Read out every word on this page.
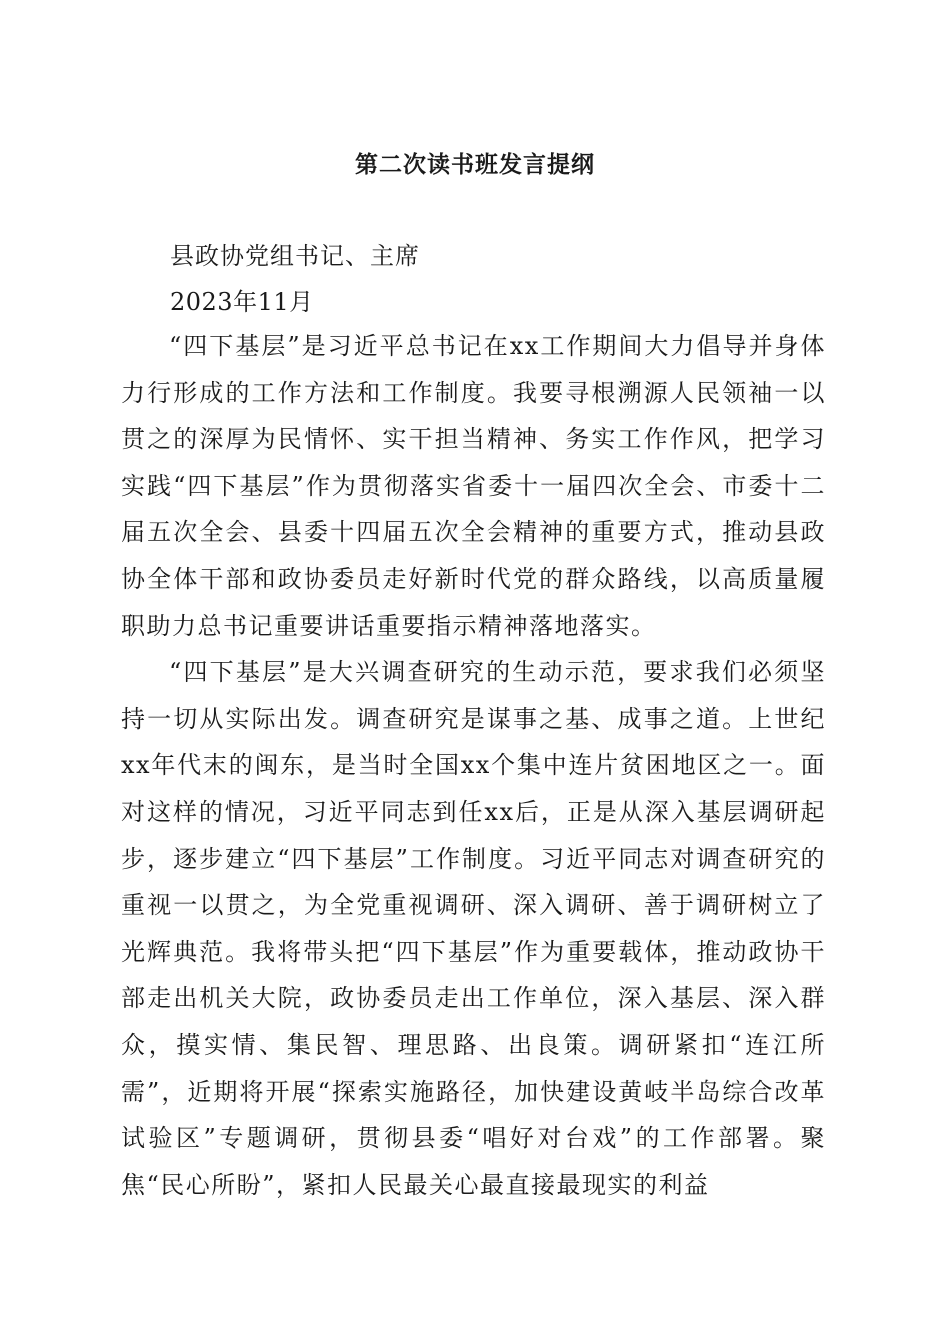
第二次读书班发言提纲
县政协党组书记、主席
2023年11月

“四下基层”是习近平总书记在xx工作期间大力倡导并身体力行形成的工作方法和工作制度。我要寻根溯源人民领袖一以贯之的深厚为民情怀、实干担当精神、务实工作作风，把学习实践“四下基层”作为贯彻落实省委十一届四次全会、市委十二届五次全会、县委十四届五次全会精神的重要方式，推动县政协全体干部和政协委员走好新时代党的群众路线，以高质量履职助力总书记重要讲话重要指示精神落地落实。

“四下基层”是大兴调查研究的生动示范，要求我们必须坚持一切从实际出发。调查研究是谋事之基、成事之道。上世纪xx年代末的闽东，是当时全国xx个集中连片贫困地区之一。面对这样的情况，习近平同志到任xx后，正是从深入基层调研起步，逐步建立“四下基层”工作制度。习近平同志对调查研究的重视一以贯之，为全党重视调研、深入调研、善于调研树立了光辉典范。我将带头把“四下基层”作为重要载体，推动政协干部走出机关大院，政协委员走出工作单位，深入基层、深入群众，摸实情、集民智、理思路、出良策。调研紧扣“连江所需”，近期将开展“探索实施路径，加快建设黄岐半岛综合改革试验区”专题调研，贯彻县委“唱好对台戏”的工作部署。聚焦“民心所盼”，紧扣人民最关心最直接最现实的利益
